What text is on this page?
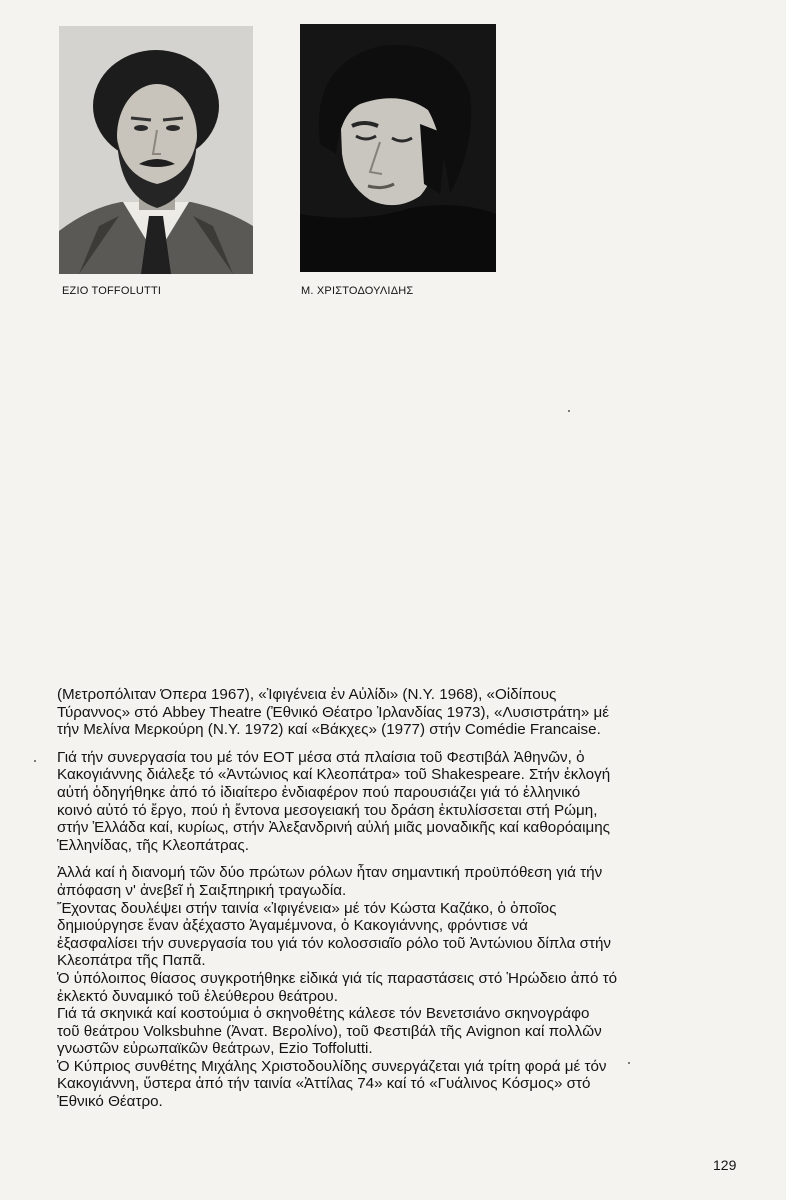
EZIO TOFFOLUTTI	Μ. ΧΡΙΣΤΟΔΟΥΛΙΔΗΣ

(Μετροπόλιταν Όπερα 1967), «Ἰφιγένεια ἐν Αὐλίδι» (Ν.Υ. 1968), «Οἰδίπους
Τύραννος» στό Abbey Theatre (Ἐθνικό Θέατρο Ἰρλανδίας 1973), «Λυσιστράτη» μέ
τήν Μελίνα Μερκούρη (Ν.Υ. 1972) καί «Βάκχες» (1977) στήν Comédie Francaise.

Γιά τήν συνεργασία του μέ τόν ΕΟΤ μέσα στά πλαίσια τοῦ Φεστιβάλ Ἀθηνῶν, ὁ
Κακογιάννης διάλεξε τό «Ἀντώνιος καί Κλεοπάτρα» τοῦ Shakespeare. Στήν ἐκλογή
αὐτή ὁδηγήθηκε ἀπό τό ἰδιαίτερο ἐνδιαφέρον πού παρουσιάζει γιά τό ἑλληνικό
κοινό αὐτό τό ἔργο, πού ἡ ἔντονα μεσογειακή του δράση ἐκτυλίσσεται στή Ρώμη,
στήν Ἑλλάδα καί, κυρίως, στήν Ἀλεξανδρινή αὐλή μιᾶς μοναδικῆς καί καθορόαιμης
Ἑλληνίδας, τῆς Κλεοπάτρας.

Ἀλλά καί ἡ διανομή τῶν δύο πρώτων ρόλων ἦταν σημαντική προϋπόθεση γιά τήν
ἀπόφαση ν' ἀνεβεῖ ἡ Σαιξπηρική τραγωδία.
Ἔχοντας δουλέψει στήν ταινία «Ἰφιγένεια» μέ τόν Κώστα Καζάκο, ὁ ὁποῖος
δημιούργησε ἕναν ἀξέχαστο Ἀγαμέμνονα, ὁ Κακογιάννης, φρόντισε νά
ἐξασφαλίσει τήν συνεργασία του γιά τόν κολοσσιαῖο ρόλο τοῦ Ἀντώνιου δίπλα στήν
Κλεοπάτρα τῆς Παπᾶ.
Ὁ ὑπόλοιπος θίασος συγκροτήθηκε εἰδικά γιά τίς παραστάσεις στό Ἡρώδειο ἀπό τό
ἐκλεκτό δυναμικό τοῦ ἐλεύθερου θεάτρου.
Γιά τά σκηνικά καί κοστούμια ὁ σκηνοθέτης κάλεσε τόν Βενετσιάνο σκηνογράφο
τοῦ θεάτρου Volksbuhne (Ἀνατ. Βερολίνο), τοῦ Φεστιβάλ τῆς Avignon καί πολλῶν
γνωστῶν εὐρωπαϊκῶν θεάτρων, Ezio Toffolutti.
Ὁ Κύπριος συνθέτης Μιχάλης Χριστοδουλίδης συνεργάζεται γιά τρίτη φορά μέ τόν
Κακογιάννη, ὕστερα ἀπό τήν ταινία «Ἀττίλας 74» καί τό «Γυάλινος Κόσμος» στό
Ἐθνικό Θέατρο.

129
